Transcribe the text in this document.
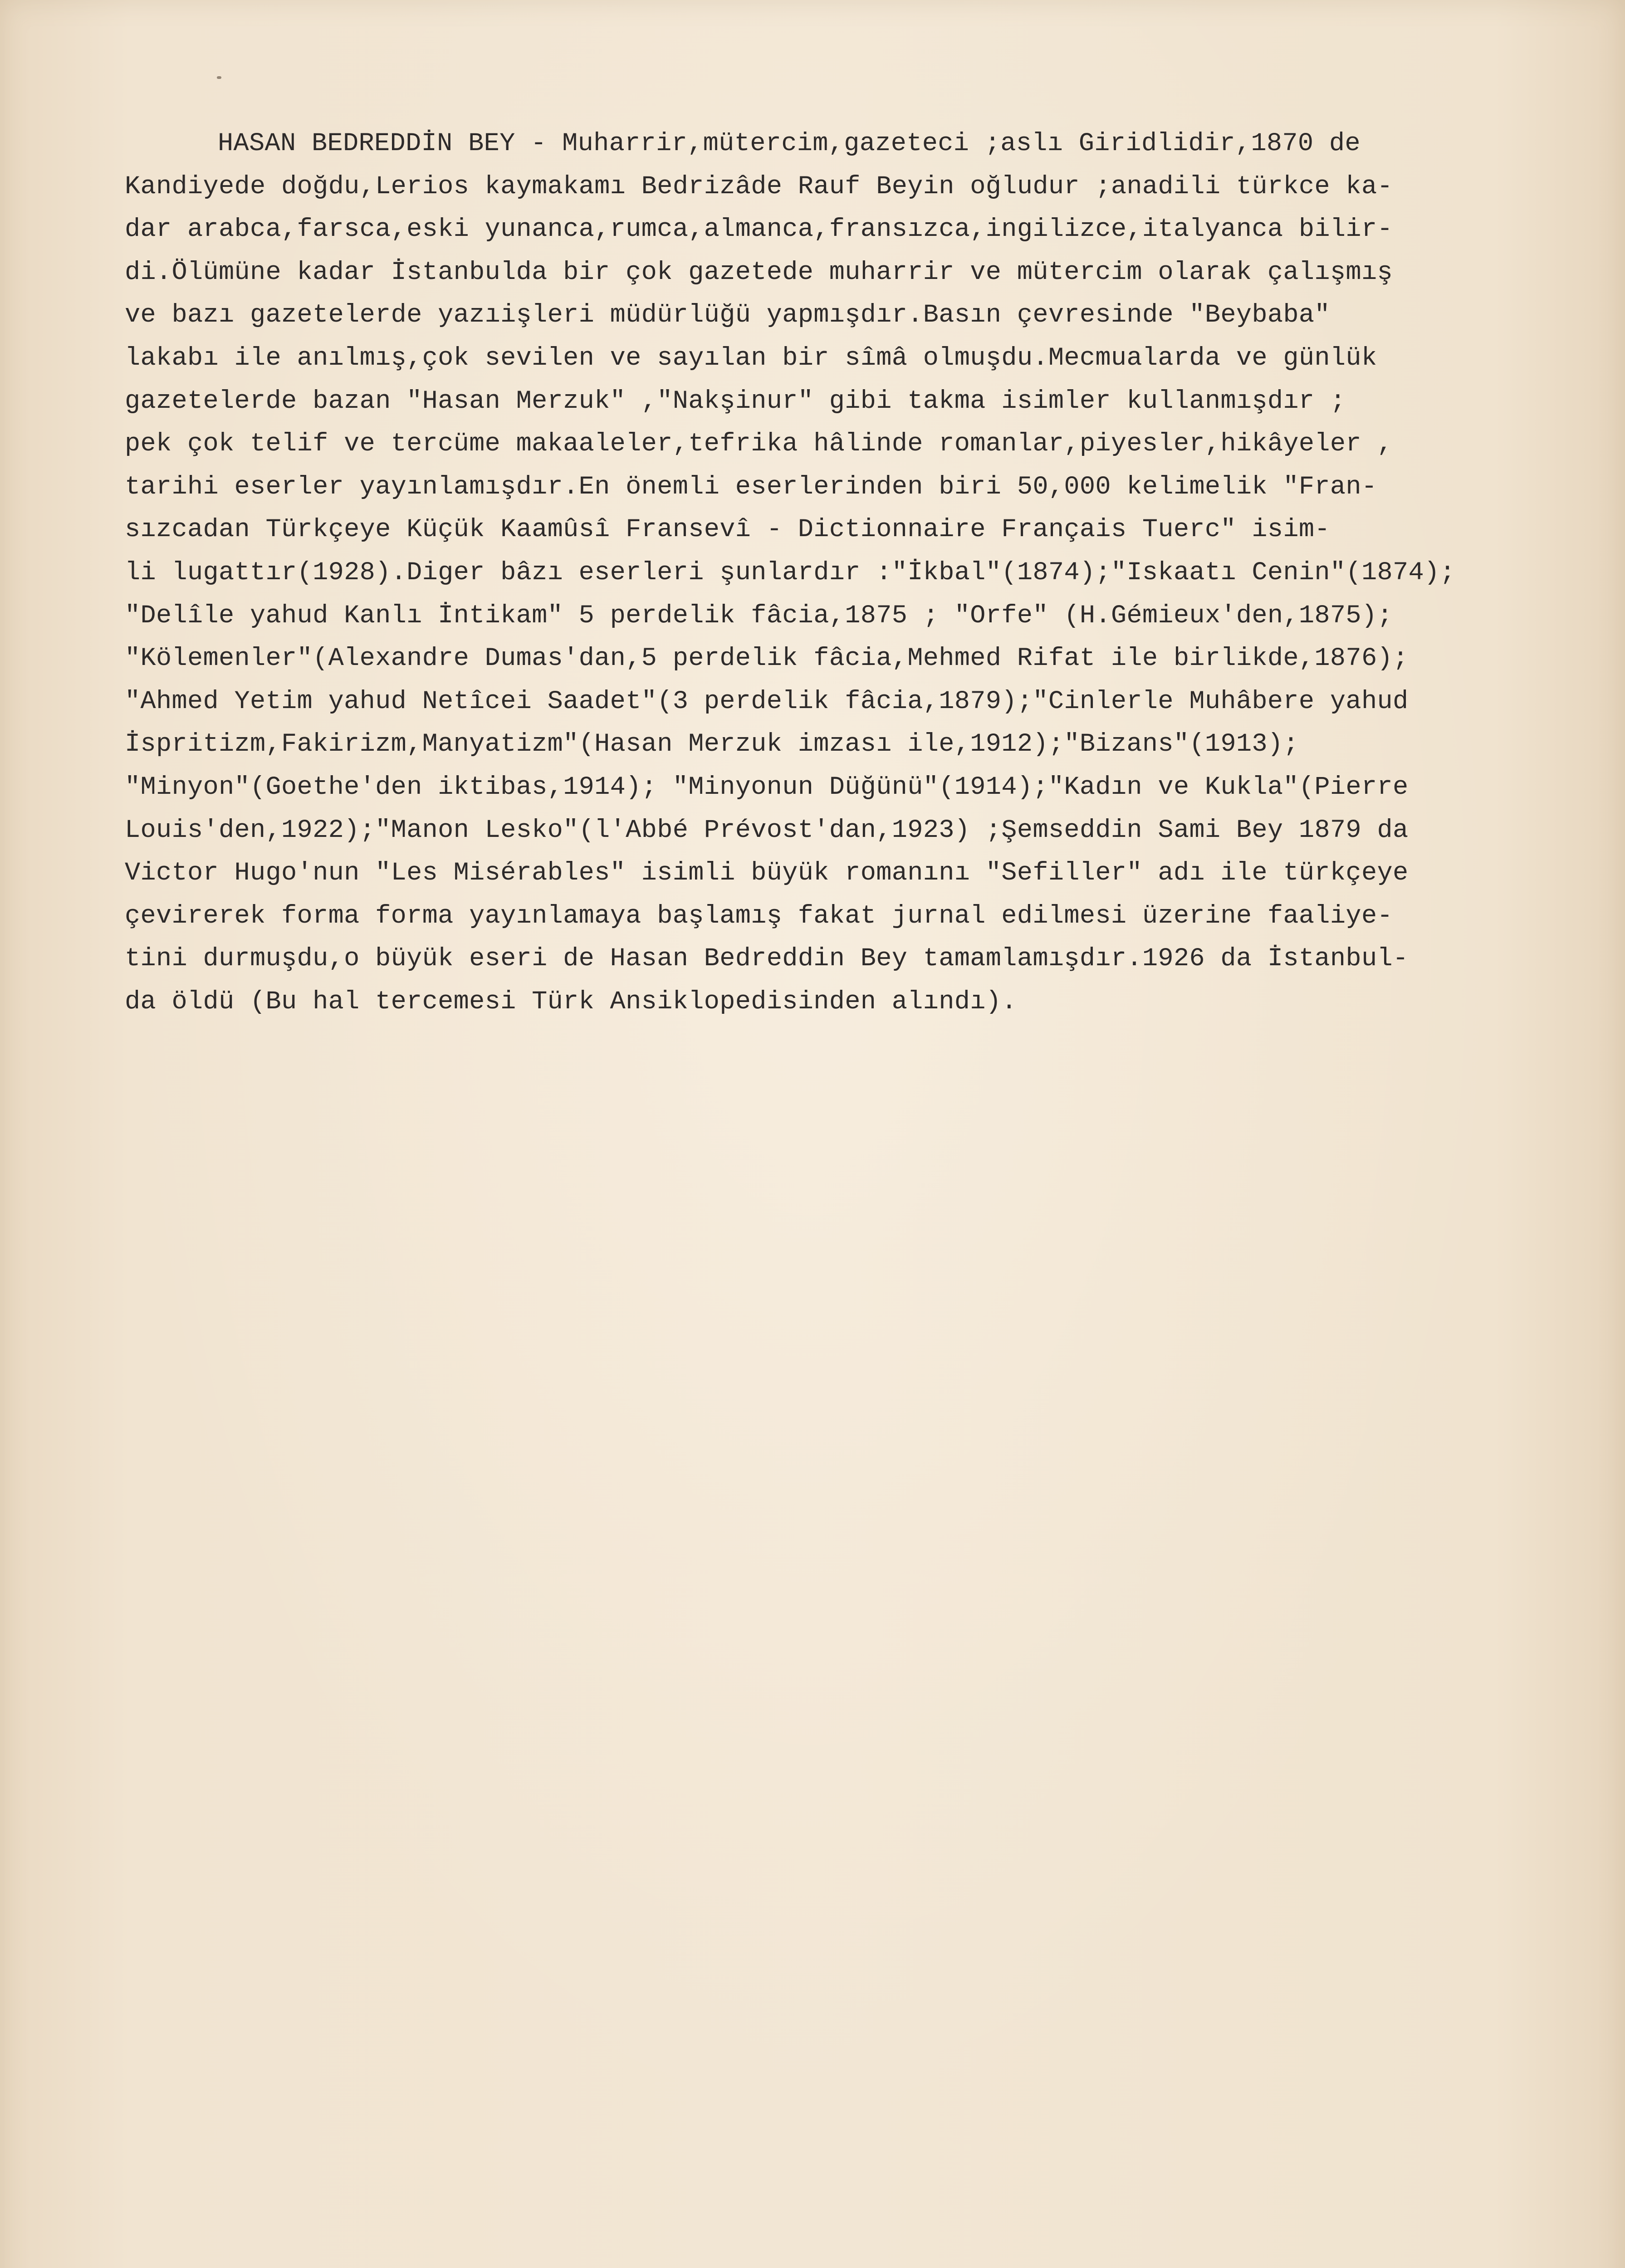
HASAN BEDREDDİN BEY - Muharrir,mütercim,gazeteci ;aslı Giridlidir,1870 de
Kandiyede doğdu,Lerios kaymakamı Bedrizâde Rauf Beyin oğludur ;anadili türkce ka-
dar arabca,farsca,eski yunanca,rumca,almanca,fransızca,ingilizce,italyanca bilir-
di.Ölümüne kadar İstanbulda bir çok gazetede muharrir ve mütercim olarak çalışmış
ve bazı gazetelerde yazıişleri müdürlüğü yapmışdır.Basın çevresinde "Beybaba"
lakabı ile anılmış,çok sevilen ve sayılan bir sîmâ olmuşdu.Mecmualarda ve günlük
gazetelerde bazan "Hasan Merzuk" ,"Nakşinur" gibi takma isimler kullanmışdır ;
pek çok telif ve tercüme makaaleler,tefrika hâlinde romanlar,piyesler,hikâyeler ,
tarihi eserler yayınlamışdır.En önemli eserlerinden biri 50,000 kelimelik "Fran-
sızcadan Türkçeye Küçük Kaamûsî Fransevî - Dictionnaire Français Tuerc" isim-
li lugattır(1928).Diger bâzı eserleri şunlardır :"İkbal"(1874);"Iskaatı Cenin"(1874);
"Delîle yahud Kanlı İntikam" 5 perdelik fâcia,1875 ; "Orfe" (H.Gémieux'den,1875);
"Kölemenler"(Alexandre Dumas'dan,5 perdelik fâcia,Mehmed Rifat ile birlikde,1876);
"Ahmed Yetim yahud Netîcei Saadet"(3 perdelik fâcia,1879);"Cinlerle Muhâbere yahud
İspritizm,Fakirizm,Manyatizm"(Hasan Merzuk imzası ile,1912);"Bizans"(1913);
"Minyon"(Goethe'den iktibas,1914); "Minyonun Düğünü"(1914);"Kadın ve Kukla"(Pierre
Louis'den,1922);"Manon Lesko"(l'Abbé Prévost'dan,1923) ;Şemseddin Sami Bey 1879 da
Victor Hugo'nun "Les Misérables" isimli büyük romanını "Sefiller" adı ile türkçeye
çevirerek forma forma yayınlamaya başlamış fakat jurnal edilmesi üzerine faaliye-
tini durmuşdu,o büyük eseri de Hasan Bedreddin Bey tamamlamışdır.1926 da İstanbul-
da öldü (Bu hal tercemesi Türk Ansiklopedisinden alındı).
